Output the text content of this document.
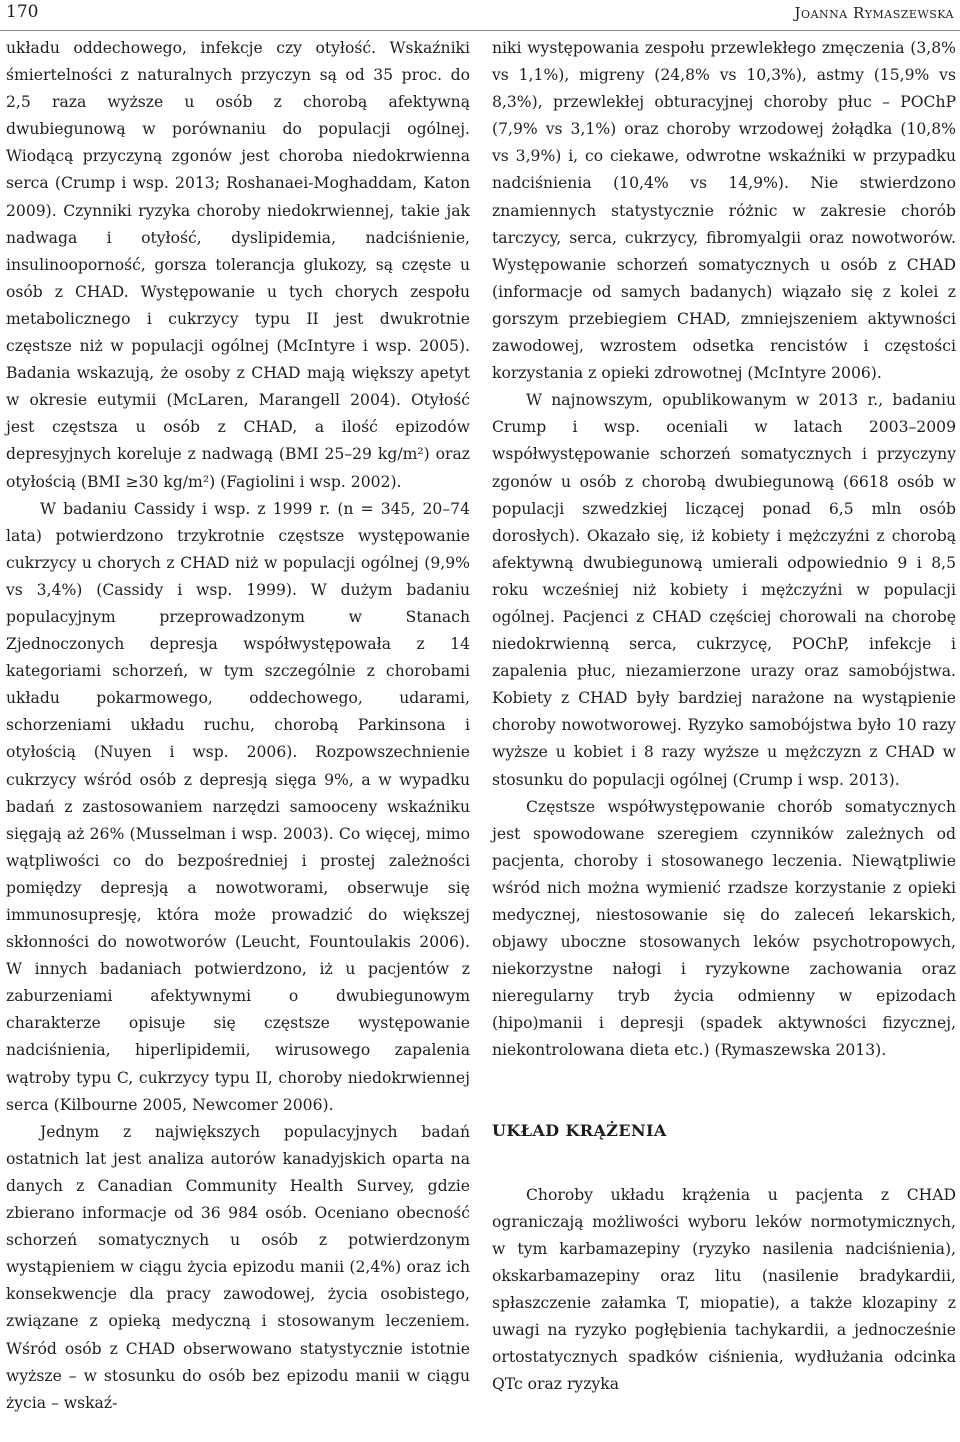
170	Joanna Rymaszewska

układu oddechowego, infekcje czy otyłość. Wskaźniki śmiertelności z naturalnych przyczyn są od 35 proc. do 2,5 raza wyższe u osób z chorobą afektywną dwubiegunową w porównaniu do populacji ogólnej. Wiodącą przyczyną zgonów jest choroba niedokrwienna serca (Crump i wsp. 2013; Roshanaei-Moghaddam, Katon 2009). Czynniki ryzyka choroby niedokrwiennej, takie jak nadwaga i otyłość, dyslipidemia, nadciśnienie, insulinooporność, gorsza tolerancja glukozy, są częste u osób z CHAD. Występowanie u tych chorych zespołu metabolicznego i cukrzycy typu II jest dwukrotnie częstsze niż w populacji ogólnej (McIntyre i wsp. 2005). Badania wskazują, że osoby z CHAD mają większy apetyt w okresie eutymii (McLaren, Marangell 2004). Otyłość jest częstsza u osób z CHAD, a ilość epizodów depresyjnych koreluje z nadwagą (BMI 25–29 kg/m²) oraz otyłością (BMI ≥30 kg/m²) (Fagiolini i wsp. 2002).

W badaniu Cassidy i wsp. z 1999 r. (n = 345, 20–74 lata) potwierdzono trzykrotnie częstsze występowanie cukrzycy u chorych z CHAD niż w populacji ogólnej (9,9% vs 3,4%) (Cassidy i wsp. 1999). W dużym badaniu populacyjnym przeprowadzonym w Stanach Zjednoczonych depresja współwystępowała z 14 kategoriami schorzeń, w tym szczególnie z chorobami układu pokarmowego, oddechowego, udarami, schorzeniami układu ruchu, chorobą Parkinsona i otyłością (Nuyen i wsp. 2006). Rozpowszechnienie cukrzycy wśród osób z depresją sięga 9%, a w wypadku badań z zastosowaniem narzędzi samooceny wskaźniku sięgają aż 26% (Musselman i wsp. 2003). Co więcej, mimo wątpliwości co do bezpośredniej i prostej zależności pomiędzy depresją a nowotworami, obserwuje się immunosupresję, która może prowadzić do większej skłonności do nowotworów (Leucht, Fountoulakis 2006). W innych badaniach potwierdzono, iż u pacjentów z zaburzeniami afektywnymi o dwubiegunowym charakterze opisuje się częstsze występowanie nadciśnienia, hiperlipidemii, wirusowego zapalenia wątroby typu C, cukrzycy typu II, choroby niedokrwiennej serca (Kilbourne 2005, Newcomer 2006).

Jednym z największych populacyjnych badań ostatnich lat jest analiza autorów kanadyjskich oparta na danych z Canadian Community Health Survey, gdzie zbierano informacje od 36 984 osób. Oceniano obecność schorzeń somatycznych u osób z potwierdzonym wystąpieniem w ciągu życia epizodu manii (2,4%) oraz ich konsekwencje dla pracy zawodowej, życia osobistego, związane z opieką medyczną i stosowanym leczeniem. Wśród osób z CHAD obserwowano statystycznie istotnie wyższe – w stosunku do osób bez epizodu manii w ciągu życia – wskaź-

niki występowania zespołu przewlekłego zmęczenia (3,8% vs 1,1%), migreny (24,8% vs 10,3%), astmy (15,9% vs 8,3%), przewlekłej obturacyjnej choroby płuc – POChP (7,9% vs 3,1%) oraz choroby wrzodowej żołądka (10,8% vs 3,9%) i, co ciekawe, odwrotne wskaźniki w przypadku nadciśnienia (10,4% vs 14,9%). Nie stwierdzono znamiennych statystycznie różnic w zakresie chorób tarczycy, serca, cukrzycy, fibromyalgii oraz nowotworów. Występowanie schorzeń somatycznych u osób z CHAD (informacje od samych badanych) wiązało się z kolei z gorszym przebiegiem CHAD, zmniejszeniem aktywności zawodowej, wzrostem odsetka rencistów i częstości korzystania z opieki zdrowotnej (McIntyre 2006).

W najnowszym, opublikowanym w 2013 r., badaniu Crump i wsp. oceniali w latach 2003–2009 współwystępowanie schorzeń somatycznych i przyczyny zgonów u osób z chorobą dwubiegunową (6618 osób w populacji szwedzkiej liczącej ponad 6,5 mln osób dorosłych). Okazało się, iż kobiety i mężczyźni z chorobą afektywną dwubiegunową umierali odpowiednio 9 i 8,5 roku wcześniej niż kobiety i mężczyźni w populacji ogólnej. Pacjenci z CHAD częściej chorowali na chorobę niedokrwienną serca, cukrzycę, POChP, infekcje i zapalenia płuc, niezamierzone urazy oraz samobójstwa. Kobiety z CHAD były bardziej narażone na wystąpienie choroby nowotworowej. Ryzyko samobójstwa było 10 razy wyższe u kobiet i 8 razy wyższe u mężczyzn z CHAD w stosunku do populacji ogólnej (Crump i wsp. 2013).

Częstsze współwystępowanie chorób somatycznych jest spowodowane szeregiem czynników zależnych od pacjenta, choroby i stosowanego leczenia. Niewątpliwie wśród nich można wymienić rzadsze korzystanie z opieki medycznej, niestosowanie się do zaleceń lekarskich, objawy uboczne stosowanych leków psychotropowych, niekorzystne nałogi i ryzykowne zachowania oraz nieregularny tryb życia odmienny w epizodach (hipo)manii i depresji (spadek aktywności fizycznej, niekontrolowana dieta etc.) (Rymaszewska 2013).

UKŁAD KRĄŻENIA

Choroby układu krążenia u pacjenta z CHAD ograniczają możliwości wyboru leków normotymicznych, w tym karbamazepiny (ryzyko nasilenia nadciśnienia), okskarbamazepiny oraz litu (nasilenie bradykardii, spłaszczenie załamka T, miopatie), a także klozapiny z uwagi na ryzyko pogłębienia tachykardii, a jednocześnie ortostatycznych spadków ciśnienia, wydłużania odcinka QTc oraz ryzyka
